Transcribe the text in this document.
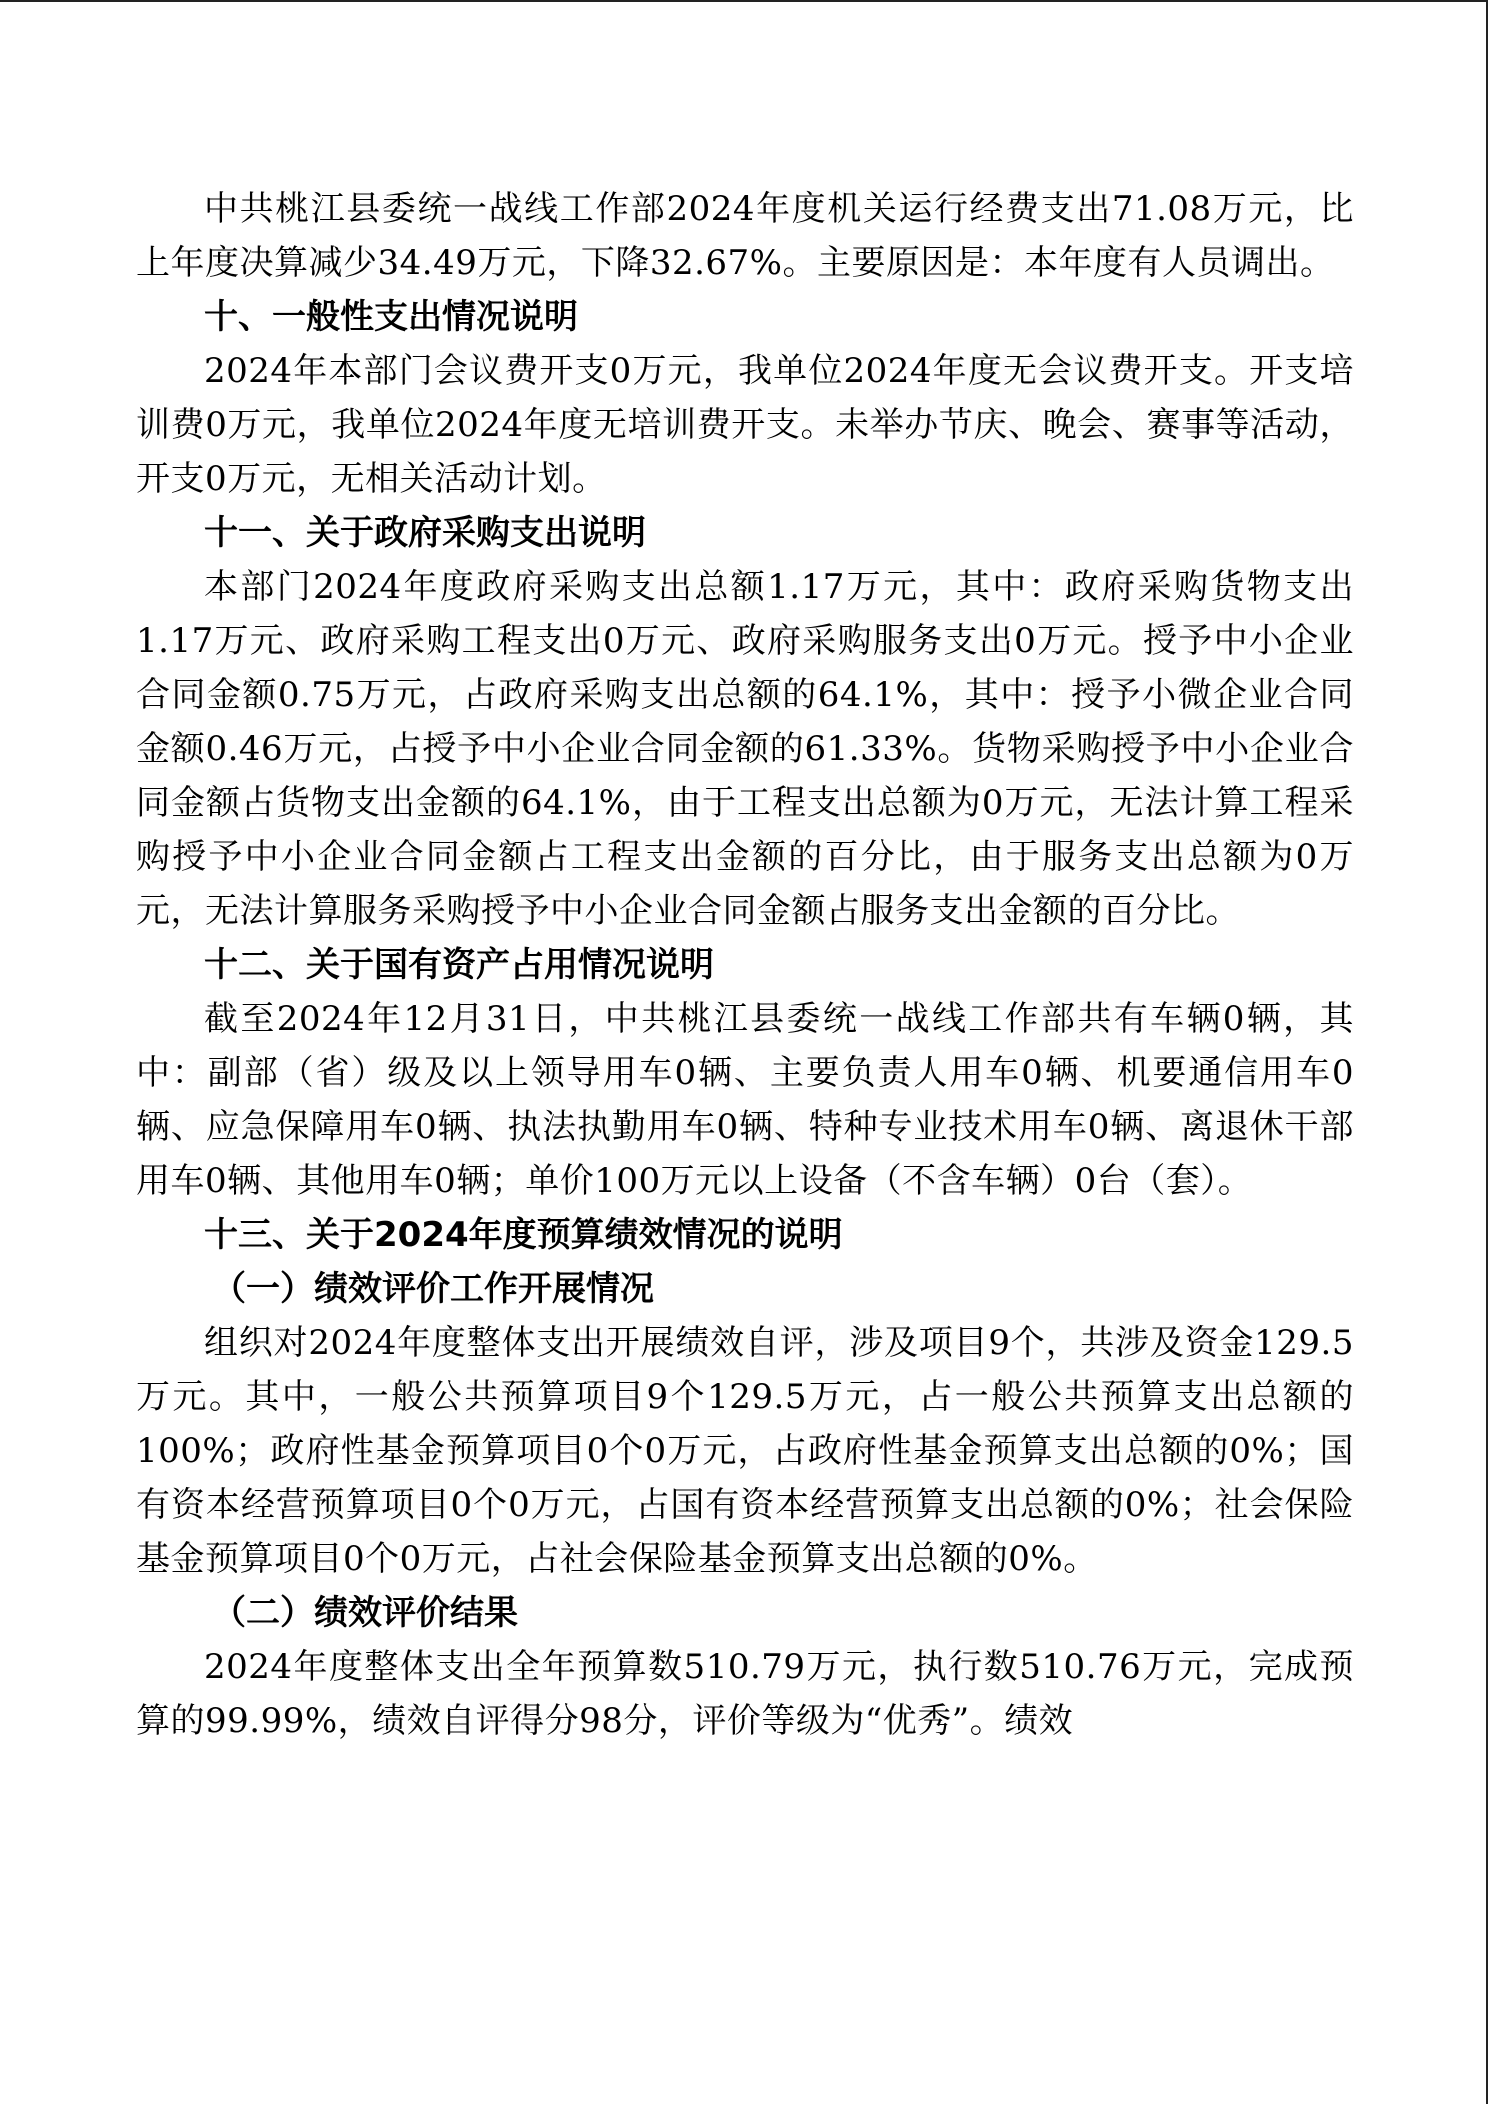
中共桃江县委统一战线工作部2024年度机关运行经费支出71.08万元，比上年度决算减少34.49万元，下降32.67%。主要原因是：本年度有人员调出。

十、一般性支出情况说明

2024年本部门会议费开支0万元，我单位2024年度无会议费开支。开支培训费0万元，我单位2024年度无培训费开支。未举办节庆、晚会、赛事等活动，开支0万元，无相关活动计划。

十一、关于政府采购支出说明

本部门2024年度政府采购支出总额1.17万元，其中：政府采购货物支出1.17万元、政府采购工程支出0万元、政府采购服务支出0万元。授予中小企业合同金额0.75万元，占政府采购支出总额的64.1%，其中：授予小微企业合同金额0.46万元，占授予中小企业合同金额的61.33%。货物采购授予中小企业合同金额占货物支出金额的64.1%，由于工程支出总额为0万元，无法计算工程采购授予中小企业合同金额占工程支出金额的百分比，由于服务支出总额为0万元，无法计算服务采购授予中小企业合同金额占服务支出金额的百分比。

十二、关于国有资产占用情况说明

截至2024年12月31日，中共桃江县委统一战线工作部共有车辆0辆，其中：副部（省）级及以上领导用车0辆、主要负责人用车0辆、机要通信用车0辆、应急保障用车0辆、执法执勤用车0辆、特种专业技术用车0辆、离退休干部用车0辆、其他用车0辆；单价100万元以上设备（不含车辆）0台（套）。

十三、关于2024年度预算绩效情况的说明

（一）绩效评价工作开展情况

组织对2024年度整体支出开展绩效自评，涉及项目9个，共涉及资金129.5万元。其中，一般公共预算项目9个129.5万元，占一般公共预算支出总额的100%；政府性基金预算项目0个0万元，占政府性基金预算支出总额的0%；国有资本经营预算项目0个0万元，占国有资本经营预算支出总额的0%；社会保险基金预算项目0个0万元，占社会保险基金预算支出总额的0%。

（二）绩效评价结果

2024年度整体支出全年预算数510.79万元，执行数510.76万元，完成预算的99.99%，绩效自评得分98分，评价等级为“优秀”。绩效
